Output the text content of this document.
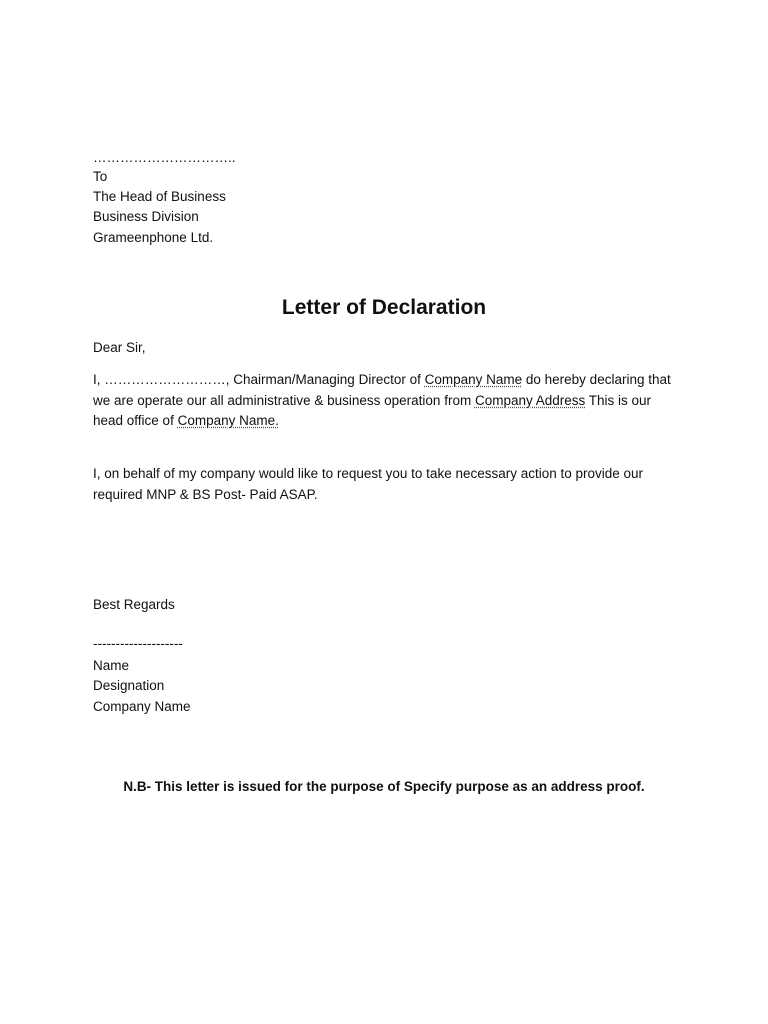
…………………………..
To
The Head of Business
Business Division
Grameenphone Ltd.
Letter of Declaration
Dear Sir,
I, ………………………, Chairman/Managing Director of Company Name do hereby declaring that we are operate our all administrative & business operation from Company Address This is our head office of Company Name.
I, on behalf of my company would like to request you to take necessary action to provide our required MNP & BS Post- Paid ASAP.
Best Regards
--------------------
Name
Designation
Company Name
N.B- This letter is issued for the purpose of Specify purpose as an address proof.
